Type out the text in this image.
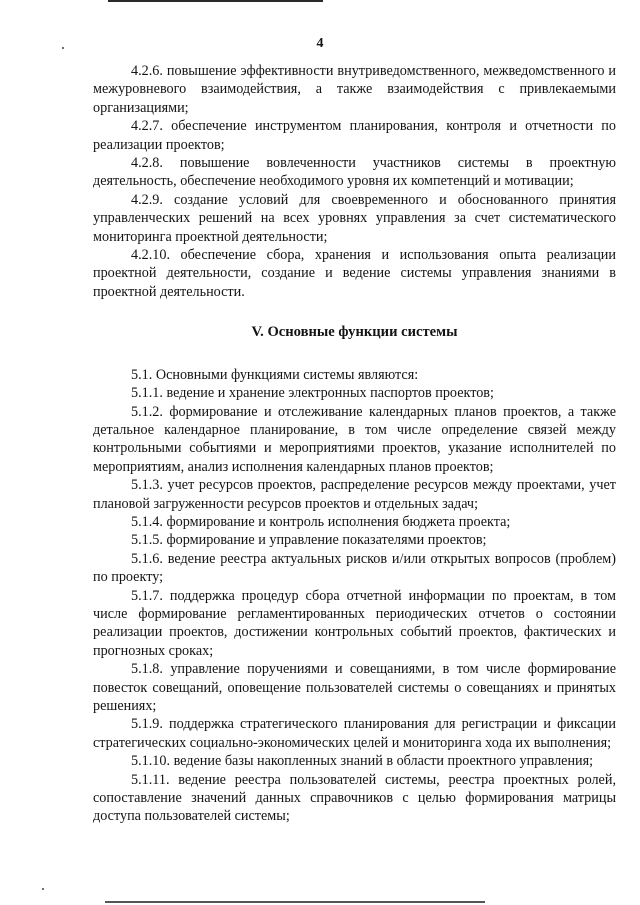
4

4.2.6. повышение эффективности внутриведомственного, межведомственного и межуровневого взаимодействия, а также взаимодействия с привлекаемыми организациями;

4.2.7. обеспечение инструментом планирования, контроля и отчетности по реализации проектов;

4.2.8. повышение вовлеченности участников системы в проектную деятельность, обеспечение необходимого уровня их компетенций и мотивации;

4.2.9. создание условий для своевременного и обоснованного принятия управленческих решений на всех уровнях управления за счет систематического мониторинга проектной деятельности;

4.2.10. обеспечение сбора, хранения и использования опыта реализации проектной деятельности, создание и ведение системы управления знаниями в проектной деятельности.

V. Основные функции системы

5.1. Основными функциями системы являются:

5.1.1. ведение и хранение электронных паспортов проектов;

5.1.2. формирование и отслеживание календарных планов проектов, а также детальное календарное планирование, в том числе определение связей между контрольными событиями и мероприятиями проектов, указание исполнителей по мероприятиям, анализ исполнения календарных планов проектов;

5.1.3. учет ресурсов проектов, распределение ресурсов между проектами, учет плановой загруженности ресурсов проектов и отдельных задач;

5.1.4. формирование и контроль исполнения бюджета проекта;

5.1.5. формирование и управление показателями проектов;

5.1.6. ведение реестра актуальных рисков и/или открытых вопросов (проблем) по проекту;

5.1.7. поддержка процедур сбора отчетной информации по проектам, в том числе формирование регламентированных периодических отчетов о состоянии реализации проектов, достижении контрольных событий проектов, фактических и прогнозных сроках;

5.1.8. управление поручениями и совещаниями, в том числе формирование повесток совещаний, оповещение пользователей системы о совещаниях и принятых решениях;

5.1.9. поддержка стратегического планирования для регистрации и фиксации стратегических социально-экономических целей и мониторинга хода их выполнения;

5.1.10. ведение базы накопленных знаний в области проектного управления;

5.1.11. ведение реестра пользователей системы, реестра проектных ролей, сопоставление значений данных справочников с целью формирования матрицы доступа пользователей системы;
